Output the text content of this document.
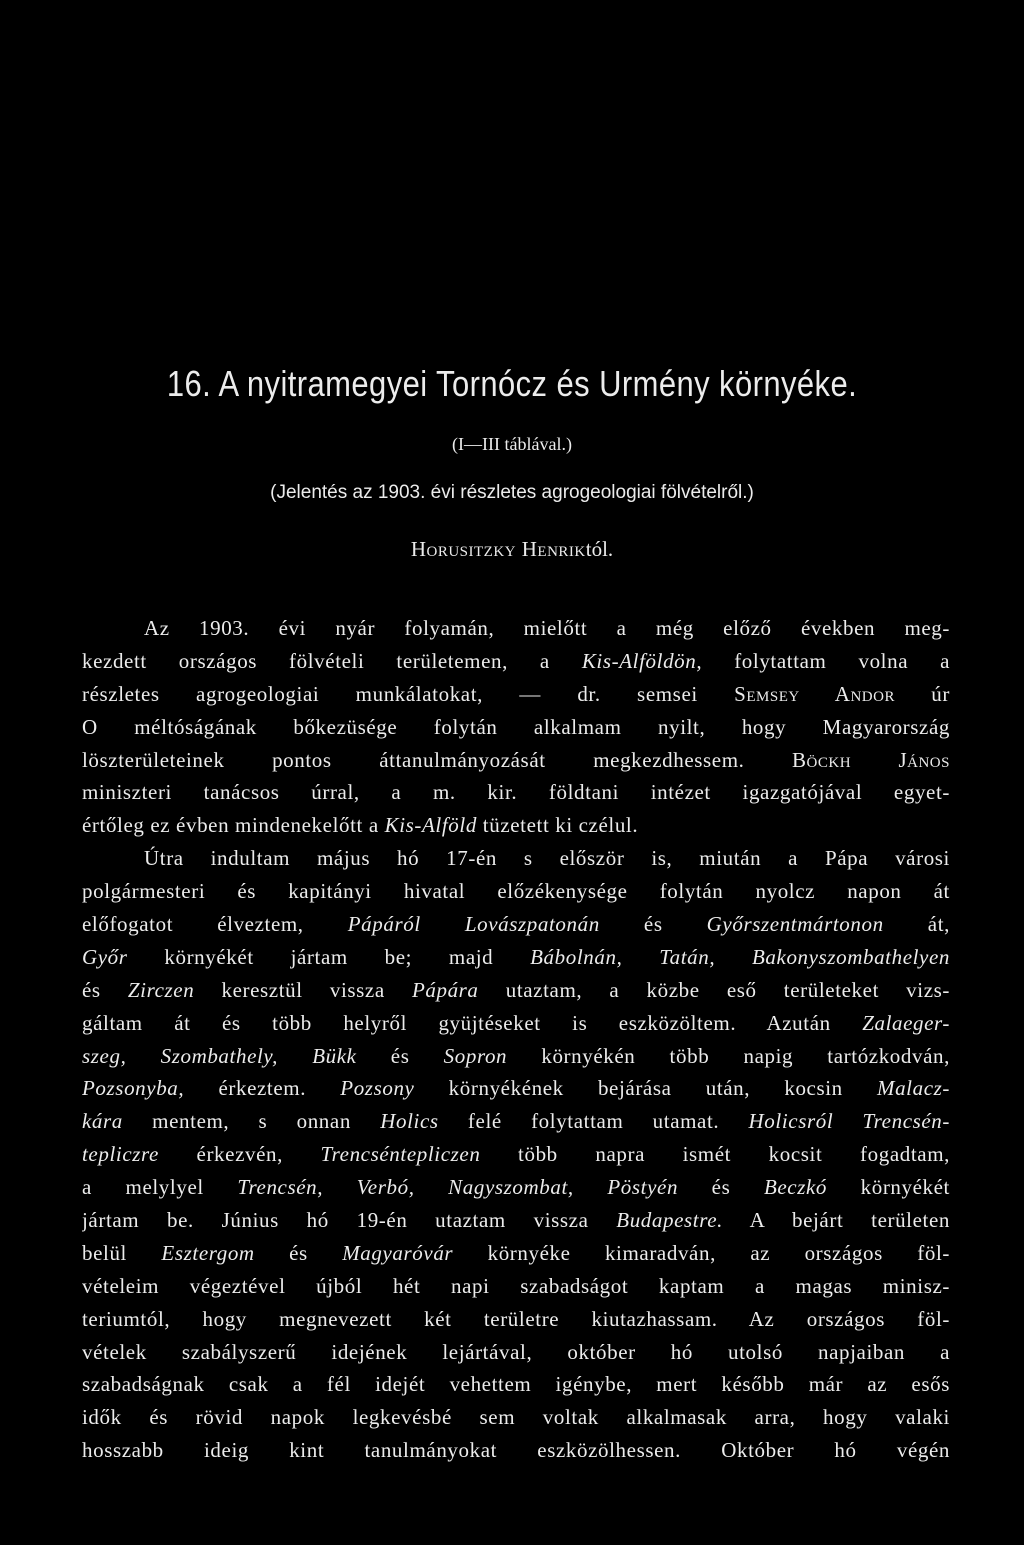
16. A nyitramegyei Tornócz és Urmény környéke.
(I—III táblával.)
(Jelentés az 1903. évi részletes agrogeologiai fölvételről.)
Horusitzky Henriktól.
Az 1903. évi nyár folyamán, mielőtt a még előző években meg-
kezdett országos fölvételi területemen, a Kis-Alföldön, folytattam volna a
részletes agrogeologiai munkálatokat, — dr. semsei Semsey Andor úr
O méltóságának bőkezüsége folytán alkalmam nyilt, hogy Magyarország
löszterületeinek pontos áttanulmányozását megkezdhessem. Böckh János
miniszteri tanácsos úrral, a m. kir. földtani intézet igazgatójával egyet-
értőleg ez évben mindenekelőtt a Kis-Alföld tüzetett ki czélul.
Útra indultam május hó 17-én s először is, miután a Pápa városi
polgármesteri és kapitányi hivatal előzékenysége folytán nyolcz napon át
előfogatot élveztem, Pápáról Lovászpatonán és Győrszentmártonon át,
Győr környékét jártam be; majd Bábolnán, Tatán, Bakonyszombathelyen
és Zirczen keresztül vissza Pápára utaztam, a közbe eső területeket vizs-
gáltam át és több helyről gyüjtéseket is eszközöltem. Azután Zalaeger-
szeg, Szombathely, Bükk és Sopron környékén több napig tartózkodván,
Pozsonyba, érkeztem. Pozsony környékének bejárása után, kocsin Malacz-
kára mentem, s onnan Holics felé folytattam utamat. Holicsról Trencsén-
tepliczre érkezvén, Trencséntepliczen több napra ismét kocsit fogadtam,
a melylyel Trencsén, Verbó, Nagyszombat, Pöstyén és Beczkó környékét
jártam be. Június hó 19-én utaztam vissza Budapestre. A bejárt területen
belül Esztergom és Magyaróvár környéke kimaradván, az országos föl-
vételeim végeztével újból hét napi szabadságot kaptam a magas minisz-
teriumtól, hogy megnevezett két területre kiutazhassam. Az országos föl-
vételek szabályszerű idejének lejártával, október hó utolsó napjaiban a
szabadságnak csak a fél idejét vehettem igénybe, mert később már az esős
idők és rövid napok legkevésbé sem voltak alkalmasak arra, hogy valaki
hosszabb ideig kint tanulmányokat eszközölhessen. Október hó végén
